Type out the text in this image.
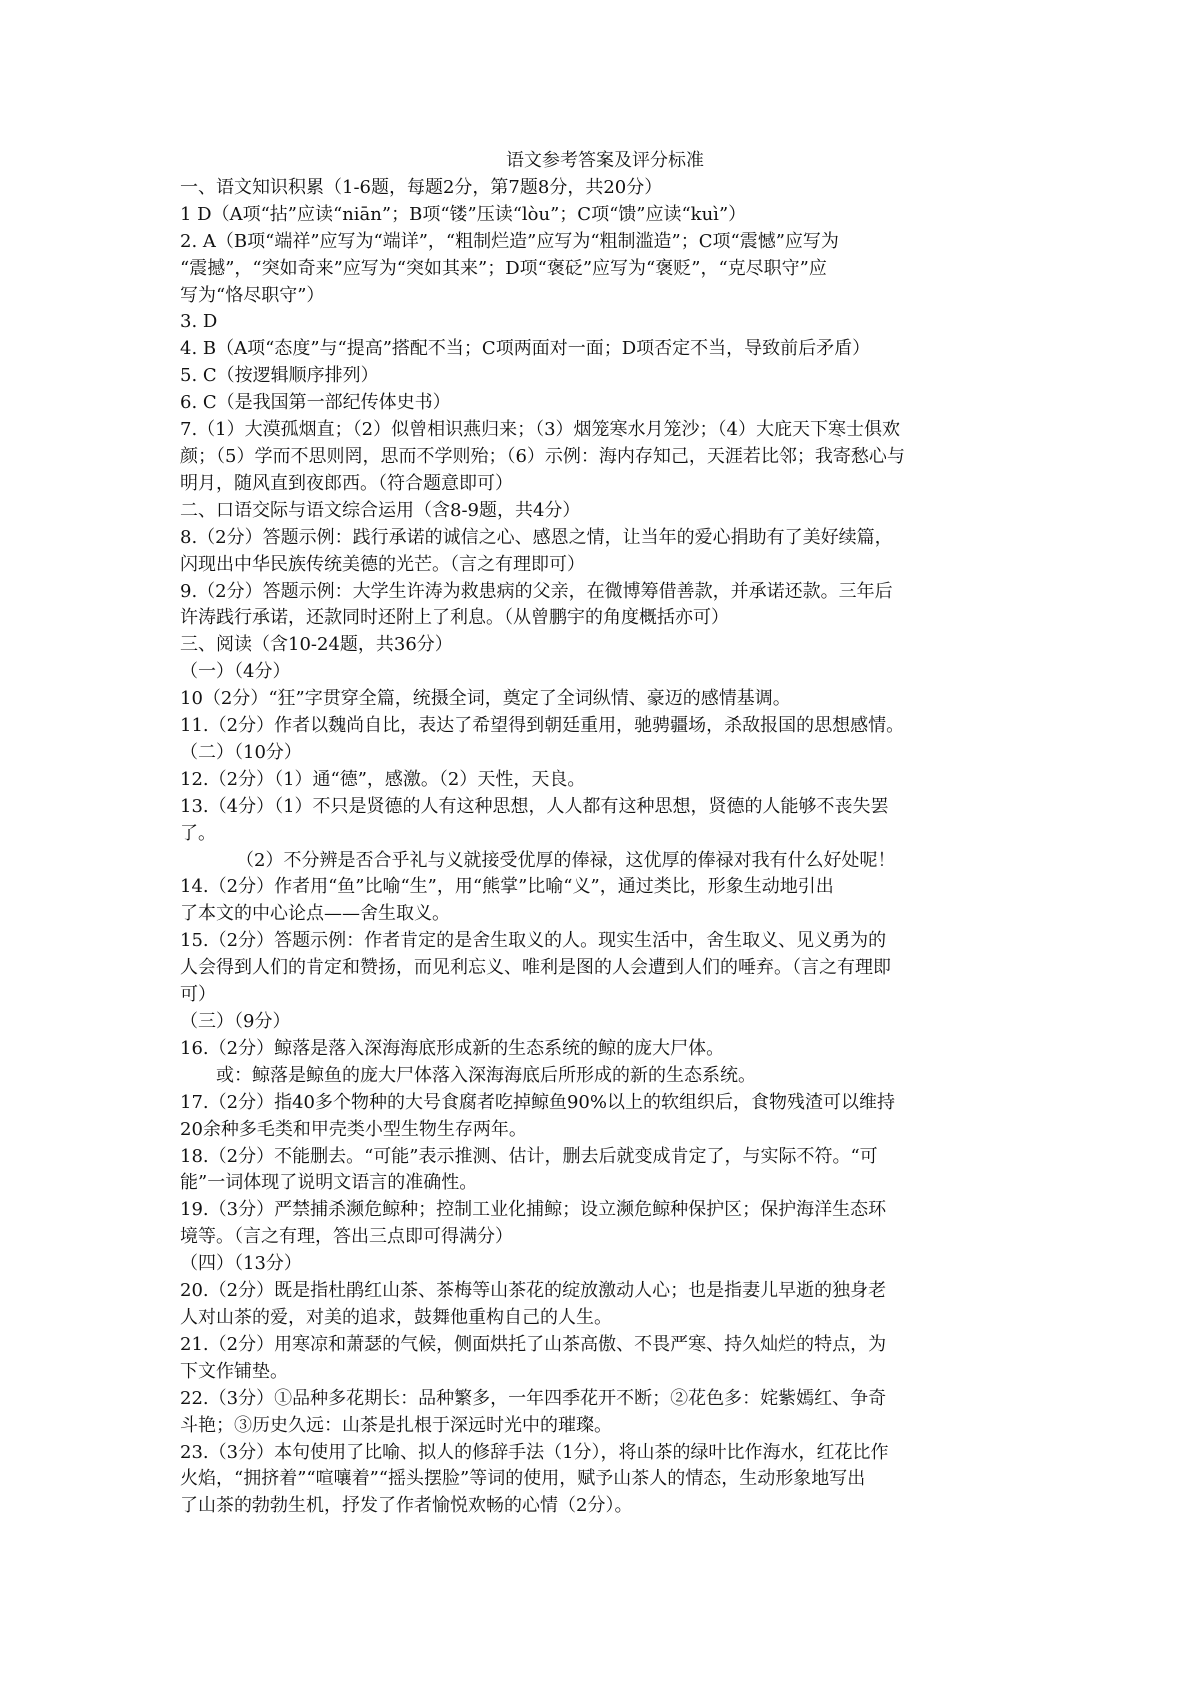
语文参考答案及评分标准

一、语文知识积累（1-6题，每题2分，第7题8分，共20分）

1 D（A项“拈”应读“niān”；B项“镂”压读“lòu”；C项“馈”应读“kuì”）

2. A（B项“端祥”应写为“端详”，“粗制烂造”应写为“粗制滥造”；C项“震憾”应写为

“震撼”，“突如奇来”应写为“突如其来”；D项“褒砭”应写为“褒贬”，“克尽职守”应

写为“恪尽职守”）

3. D

4. B（A项“态度”与“提高”搭配不当；C项两面对一面；D项否定不当，导致前后矛盾）

5. C（按逻辑顺序排列）

6. C（是我国第一部纪传体史书）

7.（1）大漠孤烟直；（2）似曾相识燕归来；（3）烟笼寒水月笼沙；（4）大庇天下寒士俱欢

颜；（5）学而不思则罔，思而不学则殆；（6）示例：海内存知己，天涯若比邻；我寄愁心与

明月，随风直到夜郎西。（符合题意即可）

二、口语交际与语文综合运用（含8-9题，共4分）

8.（2分）答题示例：践行承诺的诚信之心、感恩之情，让当年的爱心捐助有了美好续篇，

闪现出中华民族传统美德的光芒。（言之有理即可）

9.（2分）答题示例：大学生许涛为救患病的父亲，在微博筹借善款，并承诺还款。三年后

许涛践行承诺，还款同时还附上了利息。（从曾鹏宇的角度概括亦可）

三、阅读（含10-24题，共36分）

（一）（4分）

10（2分）“狂”字贯穿全篇，统摄全词，奠定了全词纵情、豪迈的感情基调。

11.（2分）作者以魏尚自比，表达了希望得到朝廷重用，驰骋疆场，杀敌报国的思想感情。

（二）（10分）

12.（2分）（1）通“德”，感激。（2）天性，天良。

13.（4分）（1）不只是贤德的人有这种思想，人人都有这种思想，贤德的人能够不丧失罢

了。

（2）不分辨是否合乎礼与义就接受优厚的俸禄，这优厚的俸禄对我有什么好处呢！

14.（2分）作者用“鱼”比喻“生”，用“熊掌”比喻“义”，通过类比，形象生动地引出

了本文的中心论点——舍生取义。

15.（2分）答题示例：作者肯定的是舍生取义的人。现实生活中，舍生取义、见义勇为的

人会得到人们的肯定和赞扬，而见利忘义、唯利是图的人会遭到人们的唾弃。（言之有理即

可）

（三）（9分）

16.（2分）鲸落是落入深海海底形成新的生态系统的鲸的庞大尸体。

或：鲸落是鲸鱼的庞大尸体落入深海海底后所形成的新的生态系统。

17.（2分）指40多个物种的大号食腐者吃掉鲸鱼90%以上的软组织后，食物残渣可以维持

20余种多毛类和甲壳类小型生物生存两年。

18.（2分）不能删去。“可能”表示推测、估计，删去后就变成肯定了，与实际不符。“可

能”一词体现了说明文语言的准确性。

19.（3分）严禁捕杀濒危鲸种；控制工业化捕鲸；设立濒危鲸种保护区；保护海洋生态环

境等。（言之有理，答出三点即可得满分）

（四）（13分）

20.（2分）既是指杜鹃红山茶、茶梅等山茶花的绽放激动人心；也是指妻儿早逝的独身老

人对山茶的爱，对美的追求，鼓舞他重构自己的人生。

21.（2分）用寒凉和萧瑟的气候，侧面烘托了山茶高傲、不畏严寒、持久灿烂的特点，为

下文作铺垫。

22.（3分）①品种多花期长：品种繁多，一年四季花开不断；②花色多：姹紫嫣红、争奇

斗艳；③历史久远：山茶是扎根于深远时光中的璀璨。

23.（3分）本句使用了比喻、拟人的修辞手法（1分），将山茶的绿叶比作海水，红花比作

火焰，“拥挤着”“喧嚷着”“摇头摆脸”等词的使用，赋予山茶人的情态，生动形象地写出

了山茶的勃勃生机，抒发了作者愉悦欢畅的心情（2分）。
